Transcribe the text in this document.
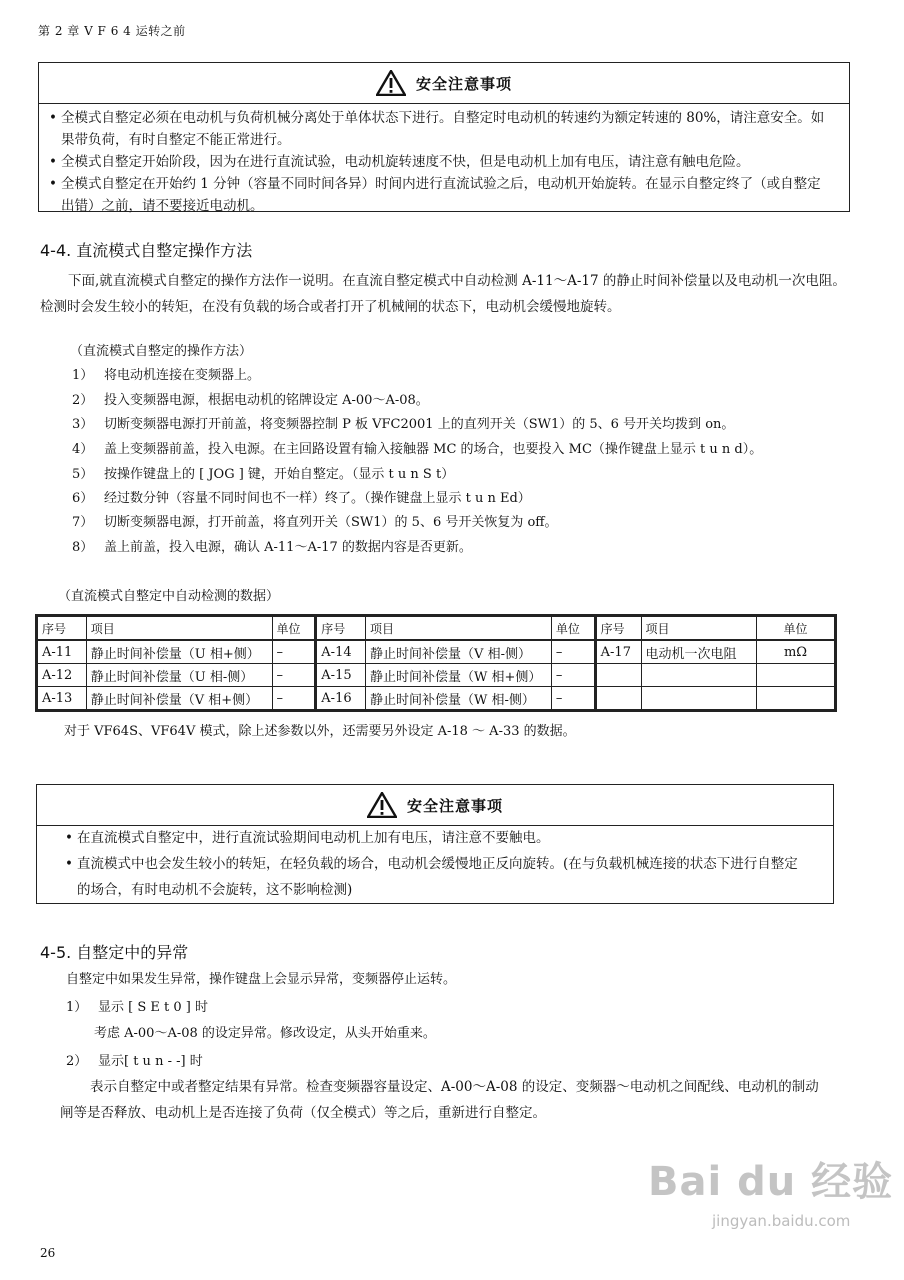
第 2 章 V F 6 4 运转之前
安全注意事项
• 全模式自整定必须在电动机与负荷机械分离处于单体状态下进行。自整定时电动机的转速约为额定转速的 80%，请注意安全。如果带负荷，有时自整定不能正常进行。
• 全模式自整定开始阶段，因为在进行直流试验，电动机旋转速度不快，但是电动机上加有电压，请注意有触电危险。
• 全模式自整定在开始约 1 分钟（容量不同时间各异）时间内进行直流试验之后，电动机开始旋转。在显示自整定终了（或自整定出错）之前，请不要接近电动机。
4-4. 直流模式自整定操作方法
下面,就直流模式自整定的操作方法作一说明。在直流自整定模式中自动检测 A-11～A-17 的静止时间补偿量以及电动机一次电阻。检测时会发生较小的转矩，在没有负载的场合或者打开了机械闸的状态下，电动机会缓慢地旋转。
（直流模式自整定的操作方法）
1） 将电动机连接在变频器上。
2） 投入变频器电源，根据电动机的铭牌设定 A-00～A-08。
3） 切断变频器电源打开前盖，将变频器控制 P 板 VFC2001 上的直列开关（SW1）的 5、6 号开关均拨到 on。
4） 盖上变频器前盖，投入电源。在主回路设置有输入接触器 MC 的场合，也要投入 MC（操作键盘上显示 t u n d）。
5） 按操作键盘上的 [ JOG ] 键，开始自整定。（显示 t u n S t）
6） 经过数分钟（容量不同时间也不一样）终了。（操作键盘上显示 t u n Ed）
7） 切断变频器电源，打开前盖，将直列开关（SW1）的 5、6 号开关恢复为 off。
8） 盖上前盖，投入电源，确认 A-11～A-17 的数据内容是否更新。
（直流模式自整定中自动检测的数据）
序号	项目	单位	序号	项目	单位	序号	项目	单位
A-11	静止时间补偿量（U 相+侧）	–	A-14	静止时间补偿量（V 相-侧）	–	A-17	电动机一次电阻	mΩ
A-12	静止时间补偿量（U 相-侧）	–	A-15	静止时间补偿量（W 相+侧）	–			
A-13	静止时间补偿量（V 相+侧）	–	A-16	静止时间补偿量（W 相-侧）	–			
对于 VF64S、VF64V 模式，除上述参数以外，还需要另外设定 A-18 ～ A-33 的数据。
安全注意事项
• 在直流模式自整定中，进行直流试验期间电动机上加有电压，请注意不要触电。
• 直流模式中也会发生较小的转矩，在轻负载的场合，电动机会缓慢地正反向旋转。(在与负载机械连接的状态下进行自整定的场合，有时电动机不会旋转，这不影响检测)
4-5. 自整定中的异常
自整定中如果发生异常，操作键盘上会显示异常，变频器停止运转。
1） 显示 [ S E t 0 ] 时
考虑 A-00～A-08 的设定异常。修改设定，从头开始重来。
2） 显示[ t u n - -] 时
表示自整定中或者整定结果有异常。检查变频器容量设定、A-00～A-08 的设定、变频器～电动机之间配线、电动机的制动闸等是否释放、电动机上是否连接了负荷（仅全模式）等之后，重新进行自整定。
Bai du 经验
jingyan.baidu.com
26
